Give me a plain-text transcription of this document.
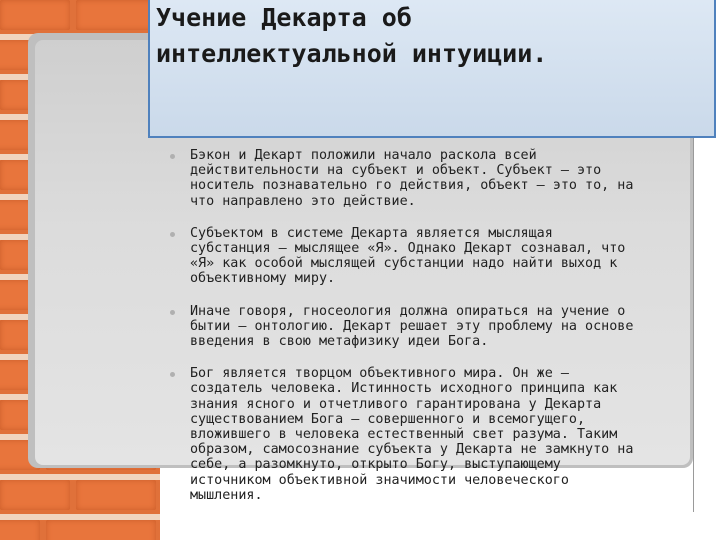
Учение Декарта об
интеллектуальной интуиции.
Бэкон и Декарт положили начало раскола всей
действительности на субъект и объект. Субъект – это
носитель познавательно го действия, объект – это то, на
что направлено это действие.
Субъектом в системе Декарта является мыслящая
субстанция – мыслящее «Я». Однако Декарт сознавал, что
«Я» как особой мыслящей субстанции надо найти выход к
объективному миру.
Иначе говоря, гносеология должна опираться на учение о
бытии – онтологию. Декарт решает эту проблему на основе
введения в свою метафизику идеи Бога.
Бог является творцом объективного мира. Он же –
создатель человека. Истинность исходного принципа как
знания ясного и отчетливого гарантирована у Декарта
существованием Бога – совершенного и всемогущего,
вложившего в человека естественный свет разума. Таким
образом, самосознание субъекта у Декарта не замкнуто на
себе, а разомкнуто, открыто Богу, выступающему
источником объективной значимости человеческого
мышления.
